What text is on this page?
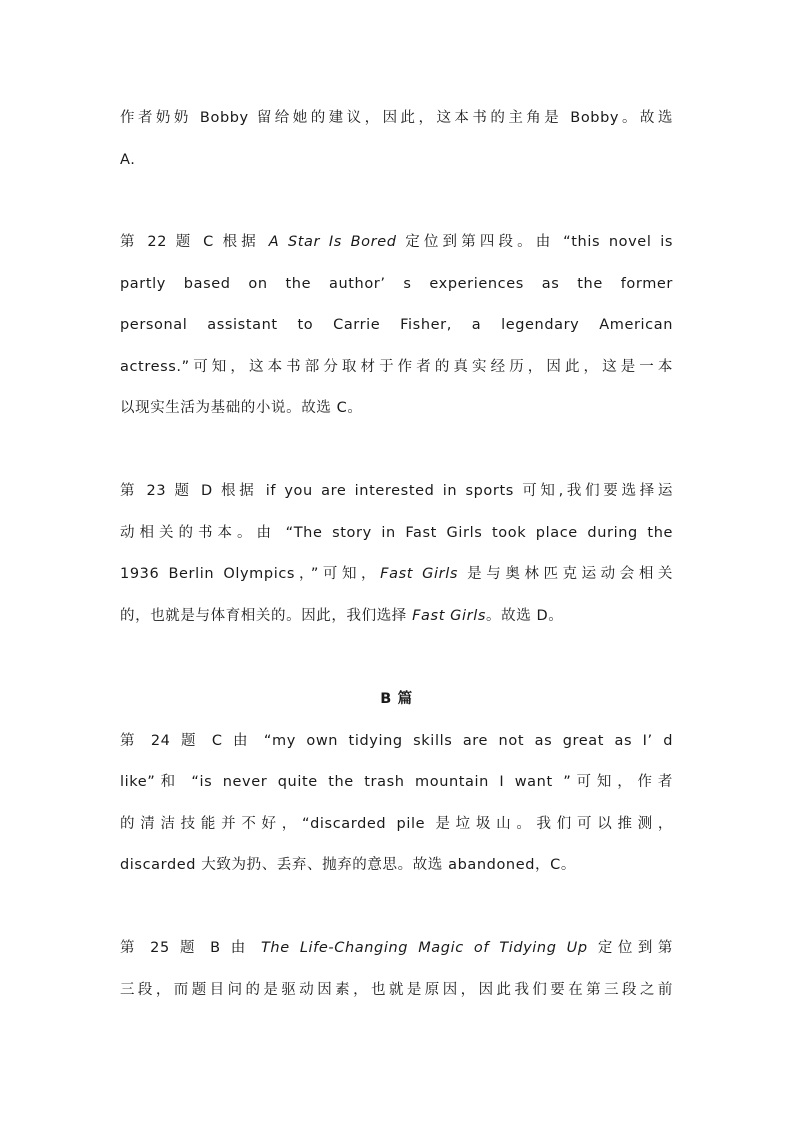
作者奶奶 Bobby 留给她的建议，因此，这本书的主角是 Bobby。故选
A.
第 22 题 C 根据 A Star Is Bored 定位到第四段。由 “this novel is
partly based on the author’ s experiences as the former
personal assistant to Carrie Fisher, a legendary American
actress.”可知，这本书部分取材于作者的真实经历，因此，这是一本
以现实生活为基础的小说。故选 C。
第 23 题 D 根据 if you are interested in sports 可知,我们要选择运
动相关的书本。由 “The story in Fast Girls took place during the
1936 Berlin Olympics，”可知，Fast Girls 是与奥林匹克运动会相关
的，也就是与体育相关的。因此，我们选择 Fast Girls。故选 D。
B 篇
第 24 题 C 由 “my own tidying skills are not as great as I’ d
like”和 “is never quite the trash mountain I want ”可知，作者
的清洁技能并不好，“discarded pile 是垃圾山。我们可以推测，
discarded 大致为扔、丢弃、抛弃的意思。故选 abandoned，C。
第 25 题 B 由 The Life-Changing Magic of Tidying Up 定位到第
三段，而题目问的是驱动因素，也就是原因，因此我们要在第三段之前
